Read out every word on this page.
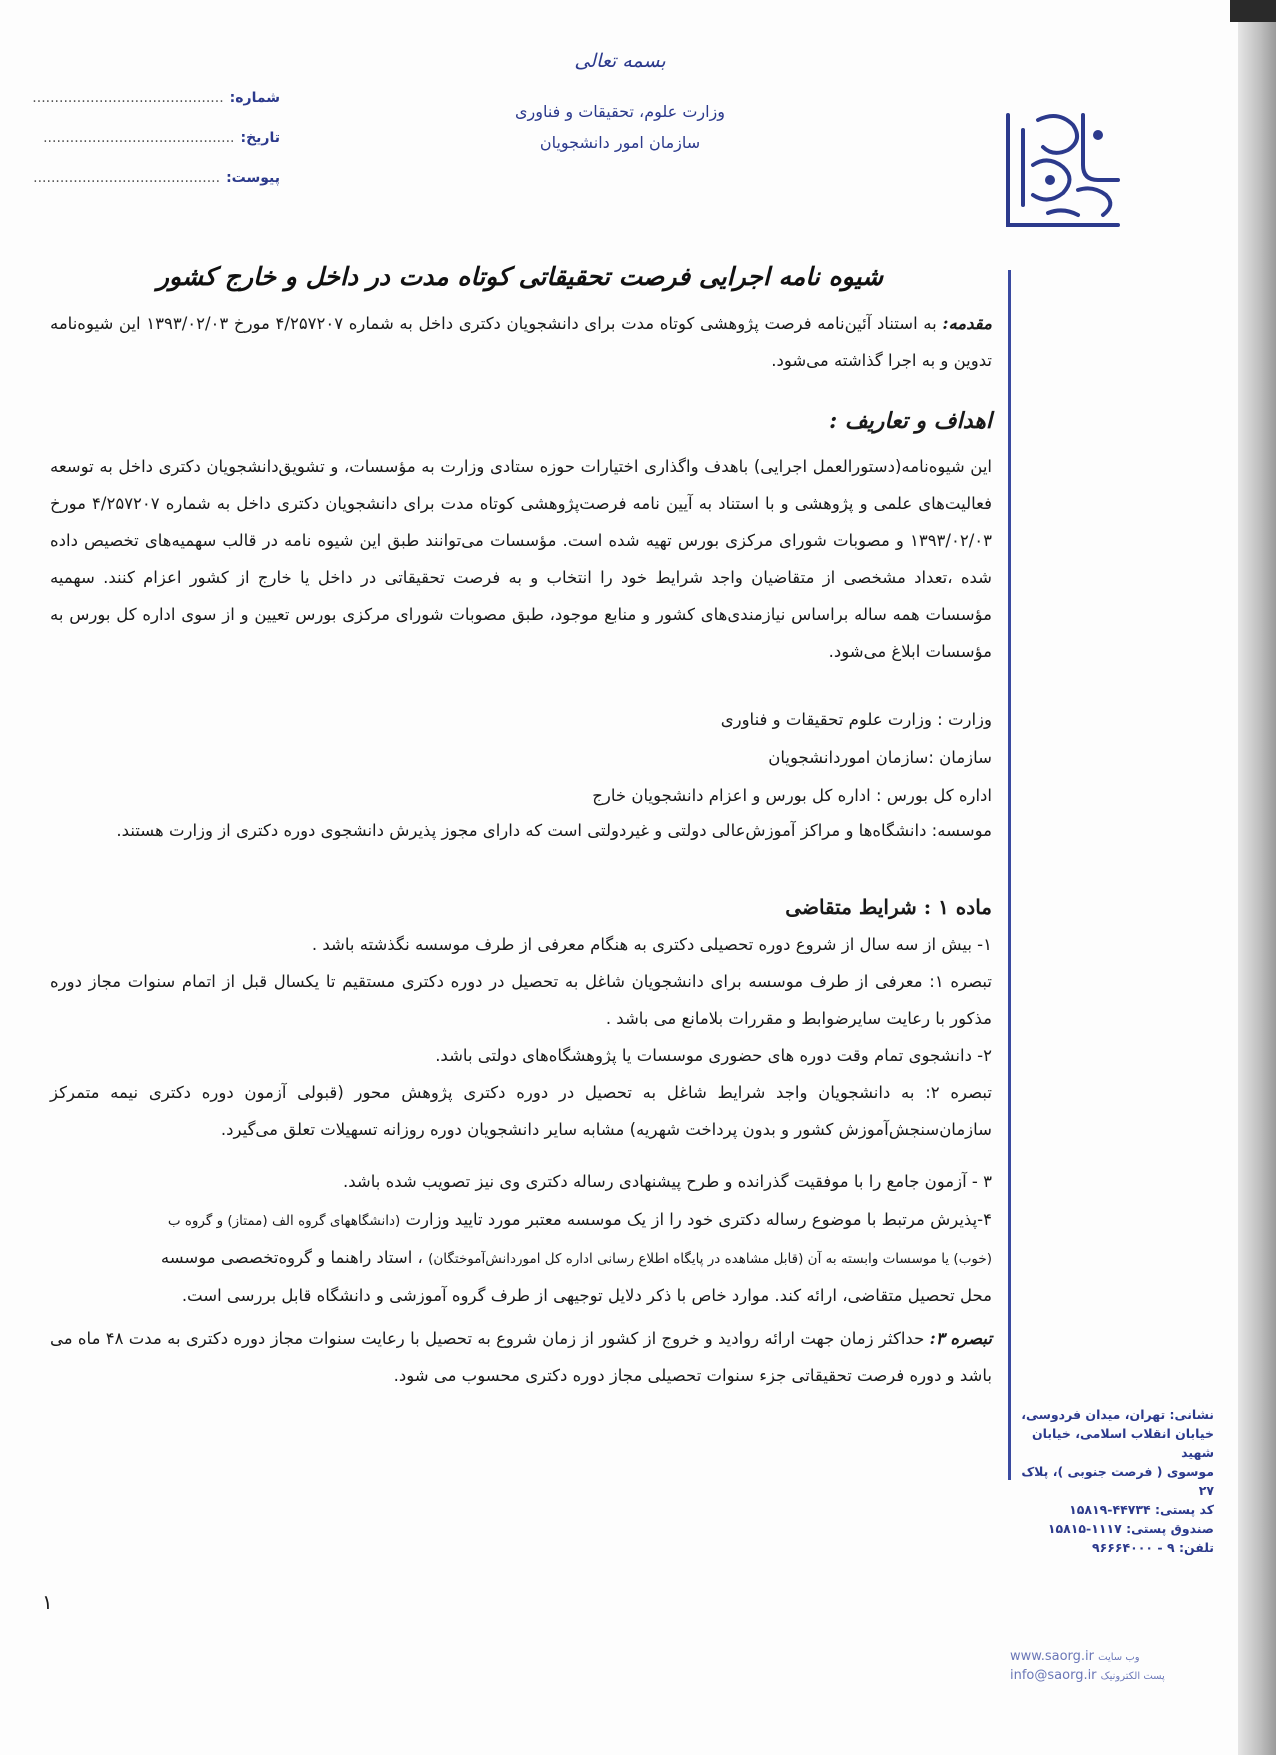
بسمه تعالی
وزارت علوم، تحقیقات و فناوری
سازمان امور دانشجویان
شماره:
...........................................
تاریخ:
...........................................
پیوست:
..........................................
شیوه نامه اجرایی فرصت تحقیقاتی کوتاه مدت در داخل و خارج کشور
مقدمه: به استناد آئین‌نامه فرصت پژوهشی کوتاه مدت برای دانشجویان دکتری داخل به شماره ۴/۲۵۷۲۰۷ مورخ ۱۳۹۳/۰۲/۰۳ این شیوه‌نامه تدوین و به اجرا گذاشته می‌شود.
اهداف و تعاریف :
این شیوه‌نامه(دستورالعمل اجرایی) باهدف واگذاری اختیارات حوزه ستادی وزارت به مؤسسات، و تشویق‌دانشجویان دکتری داخل به توسعه فعالیت‌های علمی و پژوهشی و با استناد به آیین نامه فرصت‌پژوهشی کوتاه مدت برای دانشجویان دکتری داخل به شماره ۴/۲۵۷۲۰۷ مورخ ۱۳۹۳/۰۲/۰۳ و مصوبات شورای مرکزی بورس تهیه شده است. مؤسسات می‌توانند طبق این شیوه نامه در قالب سهمیه‌های تخصیص داده شده ،تعداد مشخصی از متقاضیان واجد شرایط خود را انتخاب و به فرصت تحقیقاتی در داخل یا خارج از کشور اعزام کنند. سهمیه مؤسسات همه ساله براساس نیازمندی‌های کشور و منابع موجود، طبق مصوبات شورای مرکزی بورس تعیین و از سوی اداره کل بورس به مؤسسات ابلاغ می‌شود.
وزارت : وزارت علوم تحقیقات و فناوری
سازمان :سازمان اموردانشجویان
اداره کل بورس : اداره کل بورس و اعزام دانشجویان خارج
موسسه: دانشگاه‌ها و مراکز آموزش‌عالی دولتی و غیردولتی است که دارای مجوز پذیرش دانشجوی دوره دکتری از وزارت هستند.
ماده ۱ : شرایط متقاضی
۱- بیش از سه سال از شروع دوره تحصیلی دکتری به هنگام معرفی از طرف موسسه نگذشته باشد .
تبصره ۱: معرفی از طرف موسسه برای دانشجویان شاغل به تحصیل در دوره دکتری مستقیم تا یکسال قبل از اتمام سنوات مجاز دوره مذکور با رعایت سایرضوابط و مقررات بلامانع می باشد .
۲- دانشجوی تمام وقت دوره های حضوری موسسات یا پژوهشگاه‌های دولتی باشد.
تبصره ۲: به دانشجویان واجد شرایط شاغل به تحصیل در دوره دکتری پژوهش محور (قبولی آزمون دوره دکتری نیمه متمرکز سازمان‌سنجش‌آموزش کشور و بدون پرداخت شهریه) مشابه سایر دانشجویان دوره روزانه تسهیلات تعلق می‌گیرد.
۳ - آزمون جامع را با موفقیت گذرانده و طرح پیشنهادی رساله دکتری وی نیز تصویب شده باشد.
۴-پذیرش مرتبط با موضوع رساله دکتری خود را از یک موسسه معتبر مورد تایید وزارت (دانشگاههای گروه الف (ممتاز) و گروه ب
(خوب) یا موسسات وابسته به آن (قابل مشاهده در پایگاه اطلاع رسانی اداره کل اموردانش‌آموختگان) ، استاد راهنما و گروه‌تخصصی موسسه
محل تحصیل متقاضی، ارائه کند. موارد خاص با ذکر دلایل توجیهی از طرف گروه آموزشی و دانشگاه قابل بررسی است.
تبصره ۳: حداکثر زمان جهت ارائه روادید و خروج از کشور از زمان شروع به تحصیل با رعایت سنوات مجاز دوره دکتری به مدت ۴۸ ماه می باشد و دوره فرصت تحقیقاتی جزء سنوات تحصیلی مجاز دوره دکتری محسوب می شود.
۱
نشانی: تهران، میدان فردوسی،
خیابان انقلاب اسلامی، خیابان شهید
موسوی ( فرصت جنوبی )، پلاک ۲۷
کد پستی: ۴۴۷۳۴-۱۵۸۱۹
صندوق پستی: ۱۱۱۷-۱۵۸۱۵
تلفن: ۹ - ۹۶۶۶۴۰۰۰
www.saorg.ir وب سایت
info@saorg.ir پست الکترونیک
